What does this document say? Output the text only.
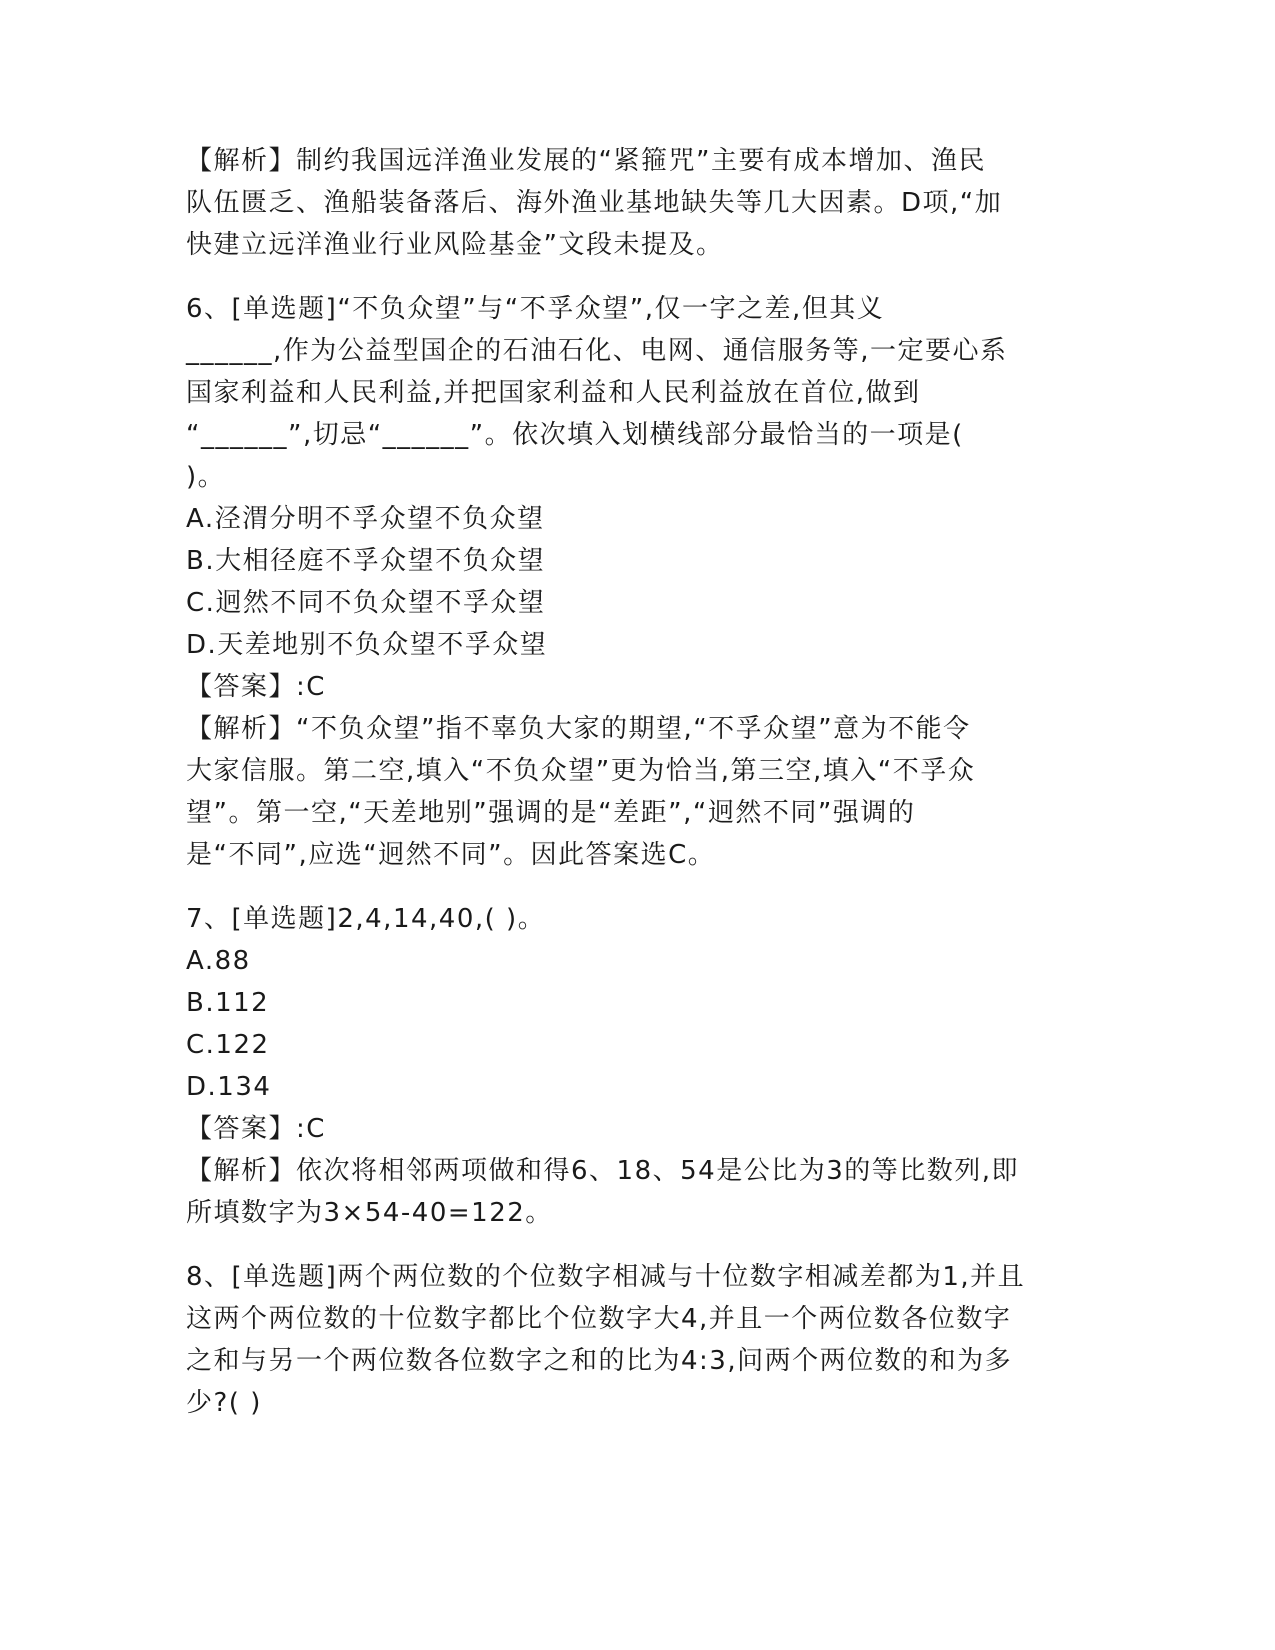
【解析】制约我国远洋渔业发展的“紧箍咒”主要有成本增加、渔民
队伍匮乏、渔船装备落后、海外渔业基地缺失等几大因素。D项,“加
快建立远洋渔业行业风险基金”文段未提及。
6、[单选题]“不负众望”与“不孚众望”,仅一字之差,但其义
______,作为公益型国企的石油石化、电网、通信服务等,一定要心系
国家利益和人民利益,并把国家利益和人民利益放在首位,做到
“______”,切忌“______”。依次填入划横线部分最恰当的一项是(
)。
A.泾渭分明不孚众望不负众望
B.大相径庭不孚众望不负众望
C.迥然不同不负众望不孚众望
D.天差地别不负众望不孚众望
【答案】:C
【解析】“不负众望”指不辜负大家的期望,“不孚众望”意为不能令
大家信服。第二空,填入“不负众望”更为恰当,第三空,填入“不孚众
望”。第一空,“天差地别”强调的是“差距”,“迥然不同”强调的
是“不同”,应选“迥然不同”。因此答案选C。
7、[单选题]2,4,14,40,( )。
A.88
B.112
C.122
D.134
【答案】:C
【解析】依次将相邻两项做和得6、18、54是公比为3的等比数列,即
所填数字为3×54-40=122。
8、[单选题]两个两位数的个位数字相减与十位数字相减差都为1,并且
这两个两位数的十位数字都比个位数字大4,并且一个两位数各位数字
之和与另一个两位数各位数字之和的比为4:3,问两个两位数的和为多
少?( )
